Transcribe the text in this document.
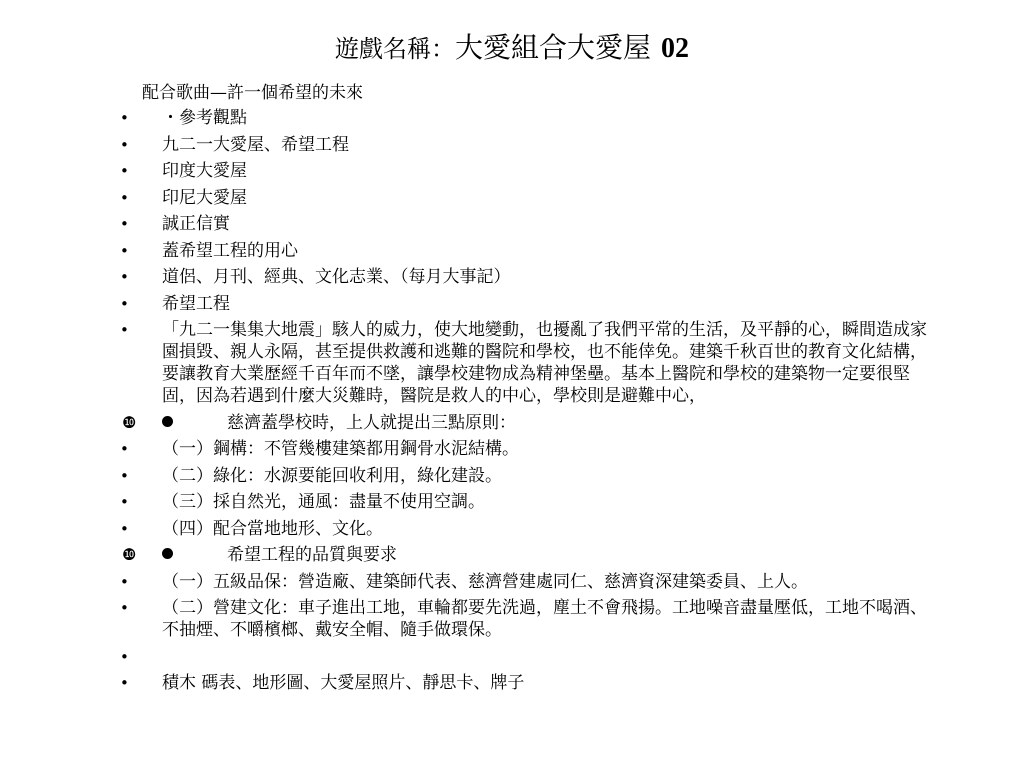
遊戲名稱：大愛組合大愛屋 02
配合歌曲—許一個希望的未來
•	・參考觀點
•	九二一大愛屋、希望工程
•	印度大愛屋
•	印尼大愛屋
•	誠正信實
•	蓋希望工程的用心
•	道侶、月刊、經典、文化志業、（每月大事記）
•	希望工程
•	「九二一集集大地震」駭人的威力，使大地變動，也擾亂了我們平常的生活，及平靜的心，瞬間造成家園損毀、親人永隔，甚至提供救護和逃難的醫院和學校，也不能倖免。建築千秋百世的教育文化結構，要讓教育大業歷經千百年而不墜，讓學校建物成為精神堡壘。基本上醫院和學校的建築物一定要很堅固，因為若遇到什麼大災難時，醫院是救人的中心，學校則是避難中心，
❿	慈濟蓋學校時，上人就提出三點原則：
•	（一）鋼構：不管幾樓建築都用鋼骨水泥結構。
•	（二）綠化：水源要能回收利用，綠化建設。
•	（三）採自然光，通風：盡量不使用空調。
•	（四）配合當地地形、文化。
❿	希望工程的品質與要求
•	（一）五級品保：營造廠、建築師代表、慈濟營建處同仁、慈濟資深建築委員、上人。
•	（二）營建文化：車子進出工地，車輪都要先洗過，塵土不會飛揚。工地噪音盡量壓低，工地不喝酒、不抽煙、不嚼檳榔、戴安全帽、隨手做環保。
•
•	積木 碼表、地形圖、大愛屋照片、靜思卡、牌子
